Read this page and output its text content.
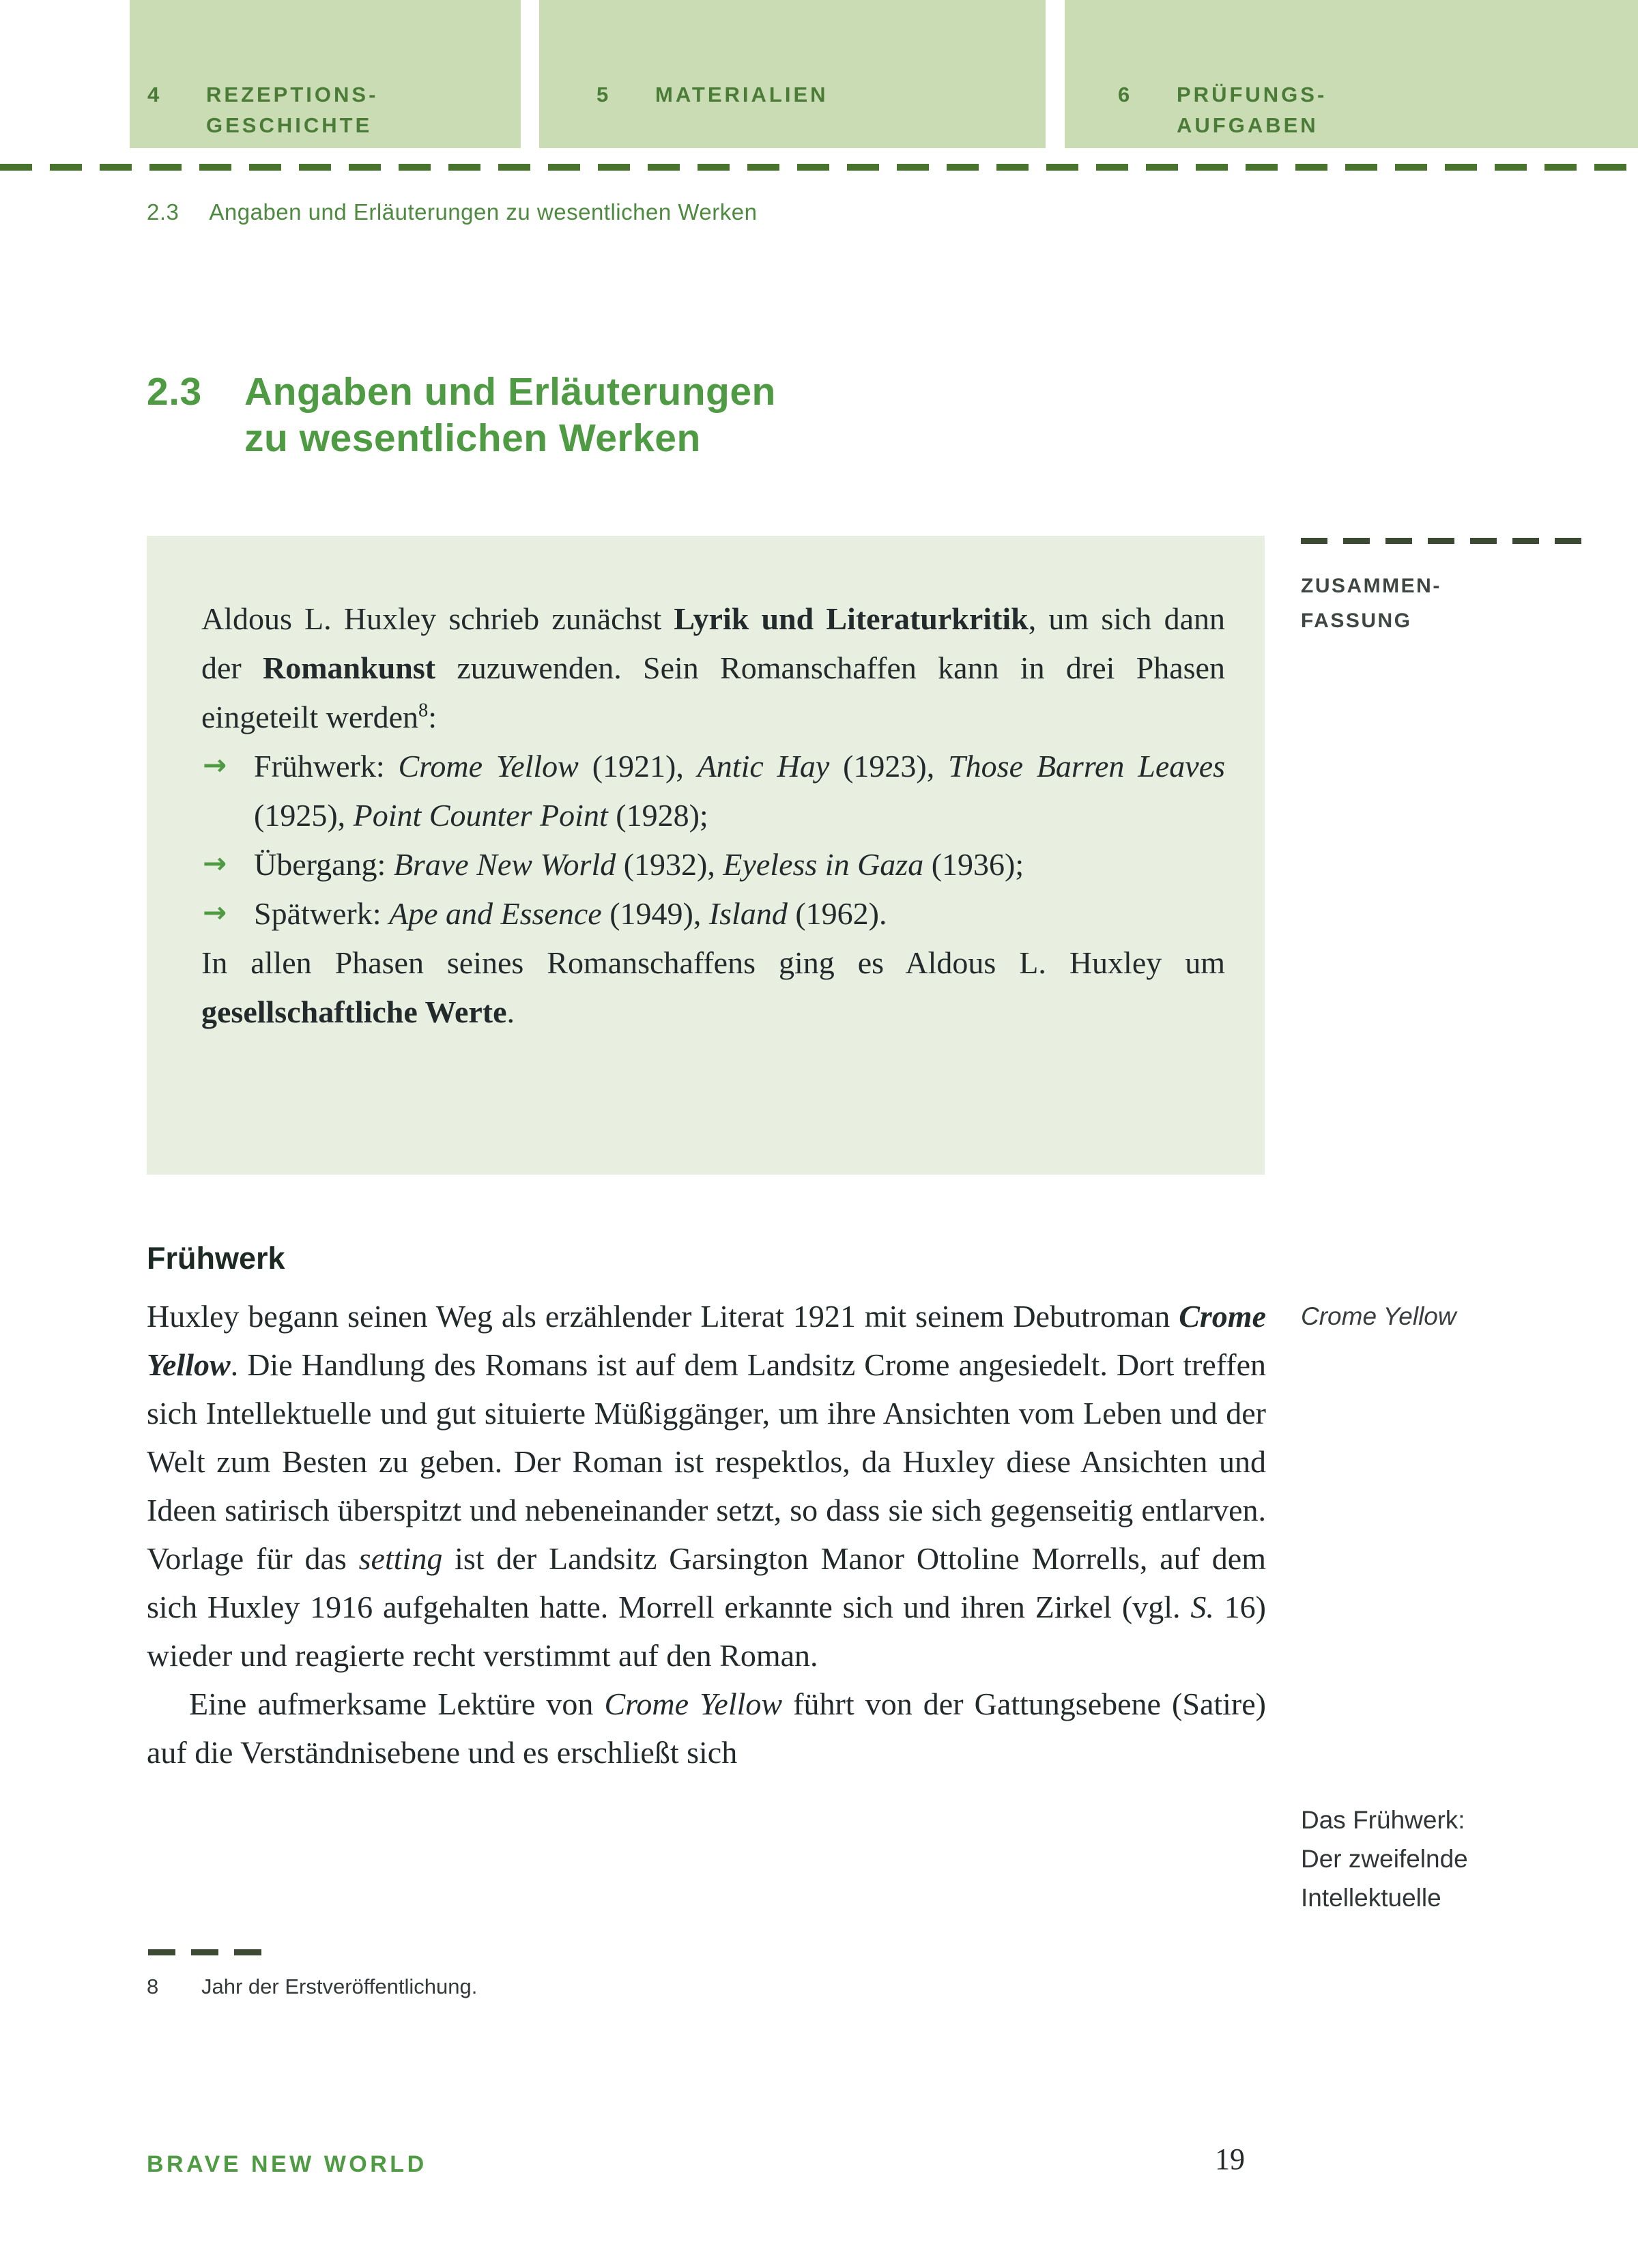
4	REZEPTIONS-
GESCHICHTE
5	MATERIALIEN	6	PRÜFUNGS-
AUFGABEN
2.3 Angaben und Erläuterungen zu wesentlichen Werken
2.3	Angaben und Erläuterungen
zu wesentlichen Werken

Aldous L. Huxley schrieb zunächst Lyrik und Literaturkritik, um sich dann der Romankunst zuzuwenden. Sein Romanschaffen kann in drei Phasen eingeteilt werden$^8$:

→ Frühwerk: Crome Yellow (1921), Antic Hay (1923), Those Barren Leaves (1925), Point Counter Point (1928);
→ Übergang: Brave New World (1932), Eyeless in Gaza (1936);
→ Spätwerk: Ape and Essence (1949), Island (1962).

In allen Phasen seines Romanschaffens ging es Aldous L. Huxley um gesellschaftliche Werte.

ZUSAMMEN-
FASSUNG
Frühwerk

Huxley begann seinen Weg als erzählender Literat 1921 mit seinem Debutroman Crome Yellow. Die Handlung des Romans ist auf dem Landsitz Crome angesiedelt. Dort treffen sich Intellektuelle und gut situierte Müßiggänger, um ihre Ansichten vom Leben und der Welt zum Besten zu geben. Der Roman ist respektlos, da Huxley diese Ansichten und Ideen satirisch überspitzt und nebeneinander setzt, so dass sie sich gegenseitig entlarven. Vorlage für das setting ist der Landsitz Garsington Manor Ottoline Morrells, auf dem sich Huxley 1916 aufgehalten hatte. Morrell erkannte sich und ihren Zirkel (vgl. S. 16) wieder und reagierte recht verstimmt auf den Roman.

Eine aufmerksame Lektüre von Crome Yellow führt von der Gattungsebene (Satire) auf die Verständnisebene und es erschließt sich

Crome Yellow
Das Frühwerk:
Der zweifelnde
Intellektuelle
8	Jahr der Erstveröffentlichung.
BRAVE NEW WORLD	19
